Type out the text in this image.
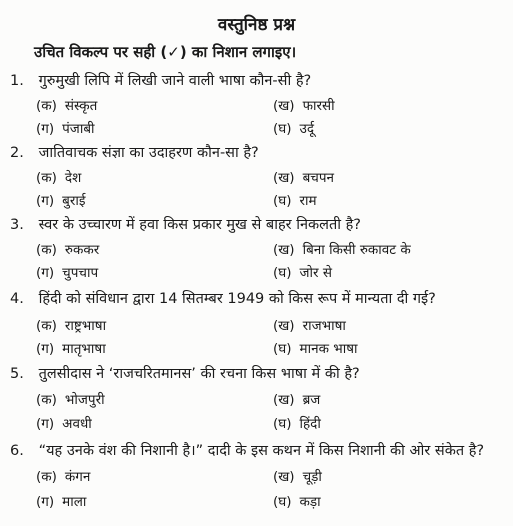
वस्तुनिष्ठ प्रश्न
उचित विकल्प पर सही (✓) का निशान लगाइए।
1. गुरुमुखी लिपि में लिखी जाने वाली भाषा कौन-सी है?
(क) संस्कृत	(ख) फारसी
(ग) पंजाबी	(घ) उर्दू
2. जातिवाचक संज्ञा का उदाहरण कौन-सा है?
(क) देश	(ख) बचपन
(ग) बुराई	(घ) राम
3. स्वर के उच्चारण में हवा किस प्रकार मुख से बाहर निकलती है?
(क) रुककर	(ख) बिना किसी रुकावट के
(ग) चुपचाप	(घ) जोर से
4. हिंदी को संविधान द्वारा 14 सितम्बर 1949 को किस रूप में मान्यता दी गई?
(क) राष्ट्रभाषा	(ख) राजभाषा
(ग) मातृभाषा	(घ) मानक भाषा
5. तुलसीदास ने ‘राजचरितमानस’ की रचना किस भाषा में की है?
(क) भोजपुरी	(ख) ब्रज
(ग) अवधी	(घ) हिंदी
6. “यह उनके वंश की निशानी है।” दादी के इस कथन में किस निशानी की ओर संकेत है?
(क) कंगन	(ख) चूड़ी
(ग) माला	(घ) कड़ा
